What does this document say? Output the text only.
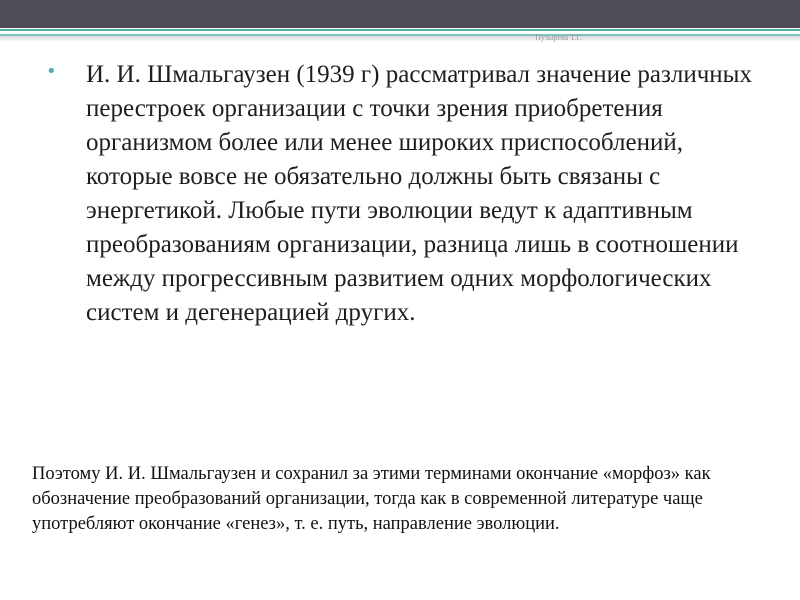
Пузырева Т.Г.
•	И. И. Шмальгаузен (1939 г) рассматривал значение различных перестроек организации с точки зрения приобретения организмом более или менее широких приспособлений, которые вовсе не обязательно должны быть связаны с энергетикой. Любые пути эволюции ведут к адаптивным преобразованиям организации, разница лишь в соотношении между прогрессивным развитием одних морфологических систем и дегенерацией других.

Поэтому И. И. Шмальгаузен и сохранил за этими терминами окончание «морфоз» как обозначение преобразований организации, тогда как в современной литературе чаще употребляют окончание «генез», т. е. путь, направление эволюции.
